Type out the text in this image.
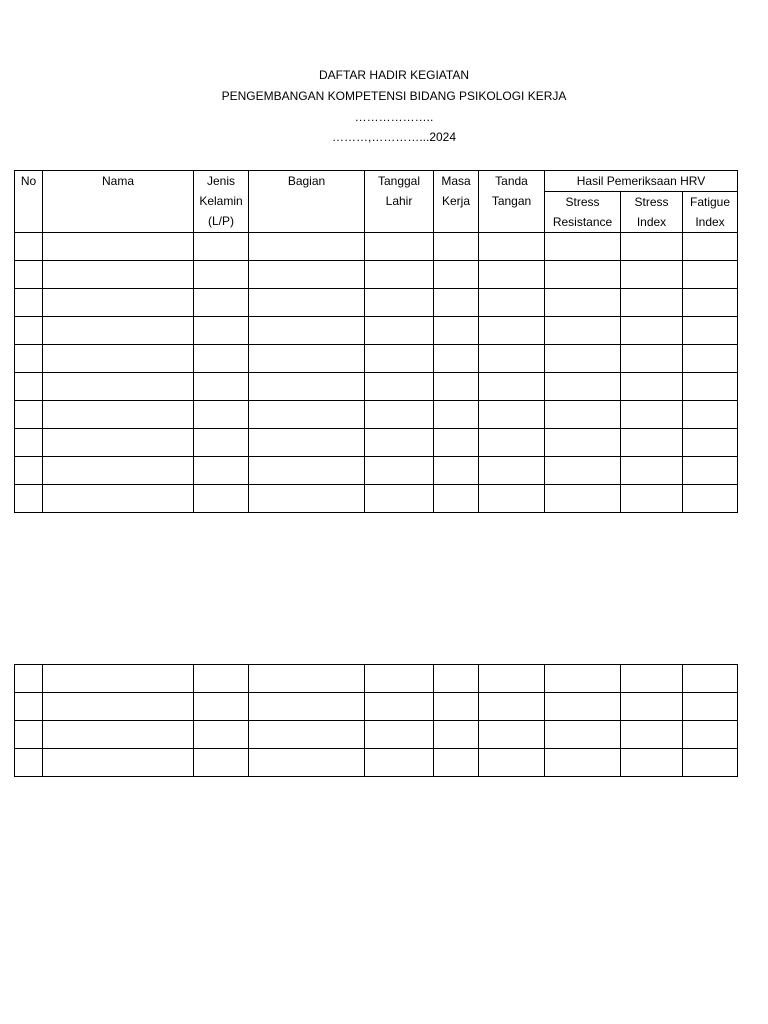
DAFTAR HADIR KEGIATAN
PENGEMBANGAN KOMPETENSI BIDANG PSIKOLOGI KERJA
………………..
………,…………...2024
No	Nama	Jenis Kelamin (L/P)	Bagian	Tanggal Lahir	Masa Kerja	Tanda Tangan	Hasil Pemeriksaan HRV		

							Stress Resistance	Stress Index	Fatigue Index
